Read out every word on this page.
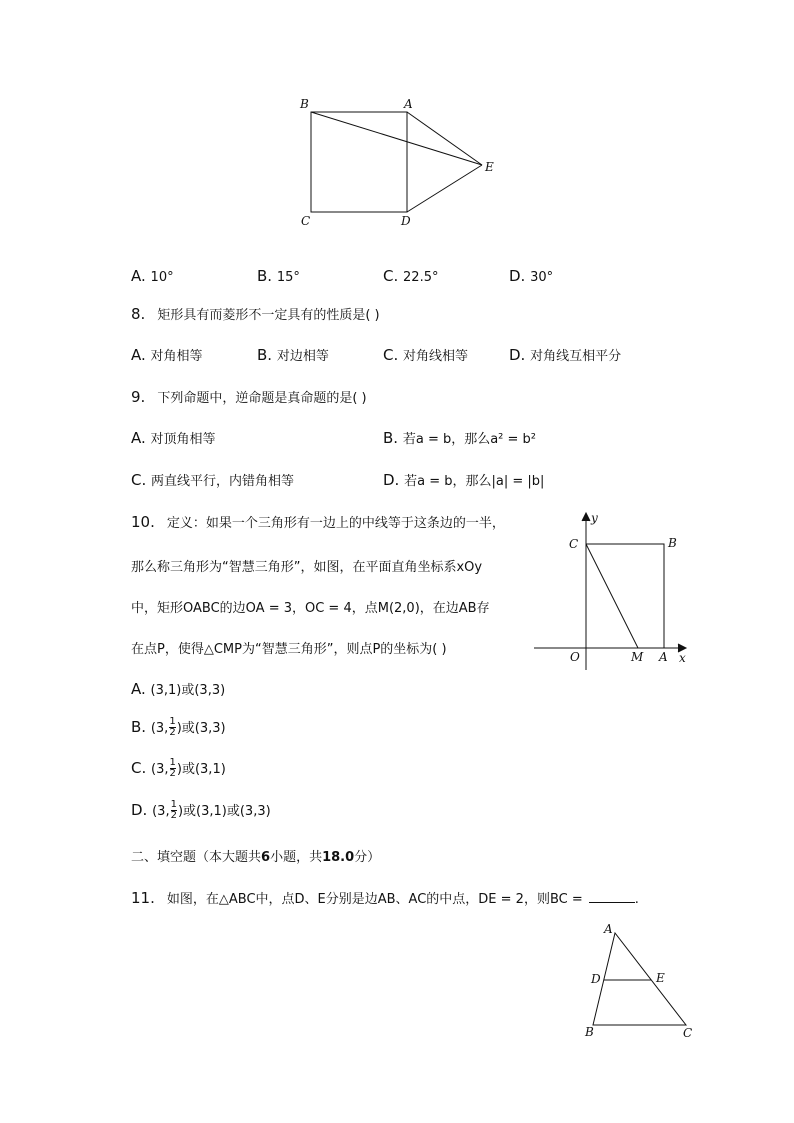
B	A
E
C	D
A. 10°	B. 15°	C. 22.5°	D. 30°
8. 矩形具有而菱形不一定具有的性质是( )
A. 对角相等	B. 对边相等	C. 对角线相等	D. 对角线互相平分
9. 下列命题中，逆命题是真命题的是( )
A. 对顶角相等	B. 若a = b，那么a² = b²
C. 两直线平行，内错角相等	D. 若a = b，那么|a| = |b|
10. 定义：如果一个三角形有一边上的中线等于这条边的一半，
那么称三角形为“智慧三角形”，如图，在平面直角坐标系xOy
中，矩形OABC的边OA = 3，OC = 4，点M(2,0)，在边AB存
在点P，使得△CMP为“智慧三角形”，则点P的坐标为( )
y
C	B
O	M A x
A. (3,1)或(3,3)
B. (3, $\frac{1}{2}$ )或(3,3)
C. (3, $\frac{1}{2}$ )或(3,1)
D. (3, $\frac{1}{2}$ )或(3,1)或(3,3)
二、填空题（本大题共6小题，共18.0分）
11. 如图，在△ABC中，点D、E分别是边AB、AC的中点，DE = 2，则BC =	.
A
D	E
B	C
